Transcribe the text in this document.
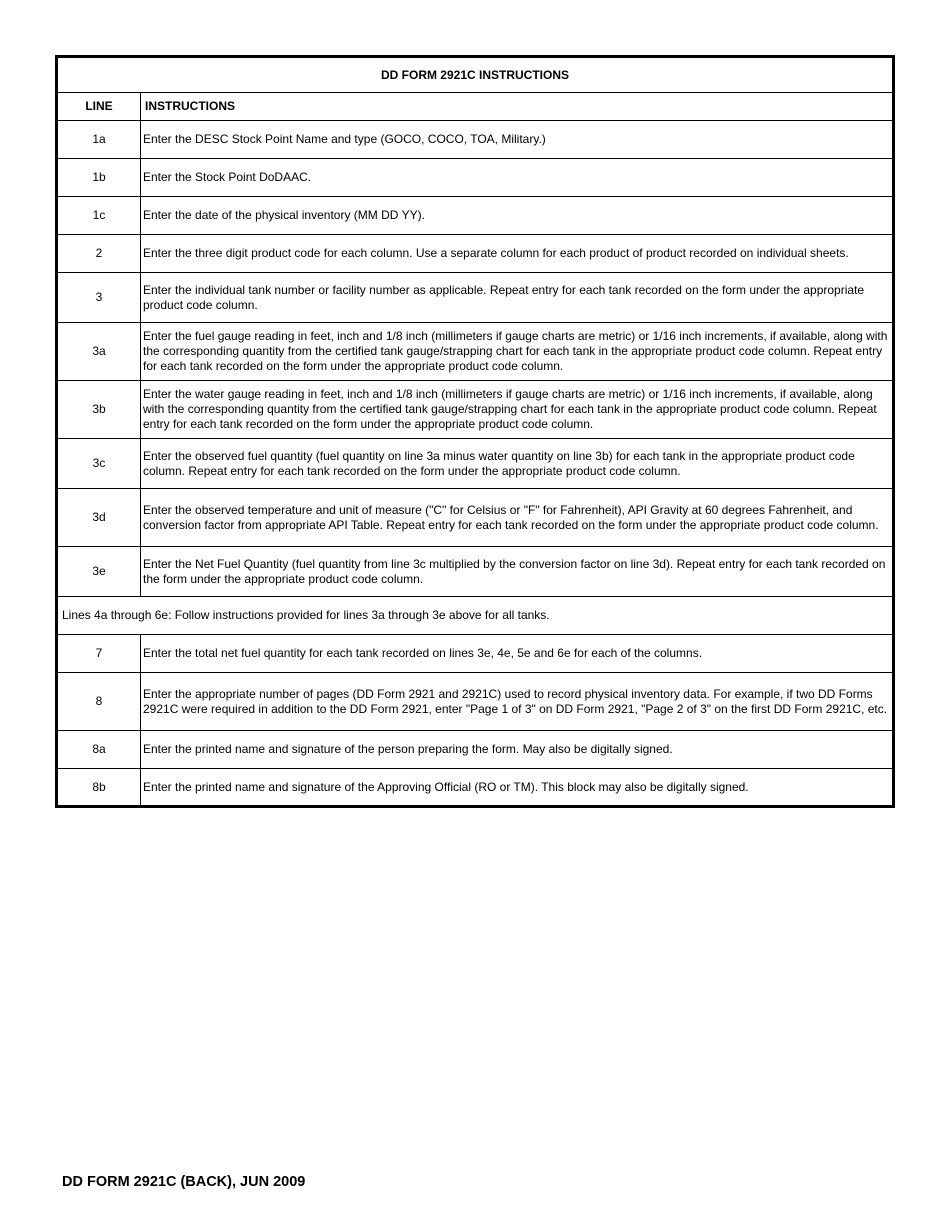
DD FORM 2921C INSTRUCTIONS	
LINE	INSTRUCTIONS
1a	Enter the DESC Stock Point Name and type (GOCO, COCO, TOA, Military.)
1b	Enter the Stock Point DoDAAC.
1c	Enter the date of the physical inventory (MM DD YY).
2	Enter the three digit product code for each column. Use a separate column for each product of product recorded on individual sheets.
3	Enter the individual tank number or facility number as applicable. Repeat entry for each tank recorded on the form under the appropriate product code column.
3a	Enter the fuel gauge reading in feet, inch and 1/8 inch (millimeters if gauge charts are metric) or 1/16 inch increments, if available, along with the corresponding quantity from the certified tank gauge/strapping chart for each tank in the appropriate product code column. Repeat entry for each tank recorded on the form under the appropriate product code column.
3b	Enter the water gauge reading in feet, inch and 1/8 inch (millimeters if gauge charts are metric) or 1/16 inch increments, if available, along with the corresponding quantity from the certified tank gauge/strapping chart for each tank in the appropriate product code column. Repeat entry for each tank recorded on the form under the appropriate product code column.
3c	Enter the observed fuel quantity (fuel quantity on line 3a minus water quantity on line 3b) for each tank in the appropriate product code column. Repeat entry for each tank recorded on the form under the appropriate product code column.
3d	Enter the observed temperature and unit of measure ("C" for Celsius or "F" for Fahrenheit), API Gravity at 60 degrees Fahrenheit, and conversion factor from appropriate API Table. Repeat entry for each tank recorded on the form under the appropriate product code column.
3e	Enter the Net Fuel Quantity (fuel quantity from line 3c multiplied by the conversion factor on line 3d). Repeat entry for each tank recorded on the form under the appropriate product code column.
Lines 4a through 6e: Follow instructions provided for lines 3a through 3e above for all tanks.	
7	Enter the total net fuel quantity for each tank recorded on lines 3e, 4e, 5e and 6e for each of the columns.
8	Enter the appropriate number of pages (DD Form 2921 and 2921C) used to record physical inventory data. For example, if two DD Forms 2921C were required in addition to the DD Form 2921, enter "Page 1 of 3" on DD Form 2921, "Page 2 of 3" on the first DD Form 2921C, etc.
8a	Enter the printed name and signature of the person preparing the form. May also be digitally signed.
8b	Enter the printed name and signature of the Approving Official (RO or TM). This block may also be digitally signed.
DD FORM 2921C (BACK), JUN 2009
